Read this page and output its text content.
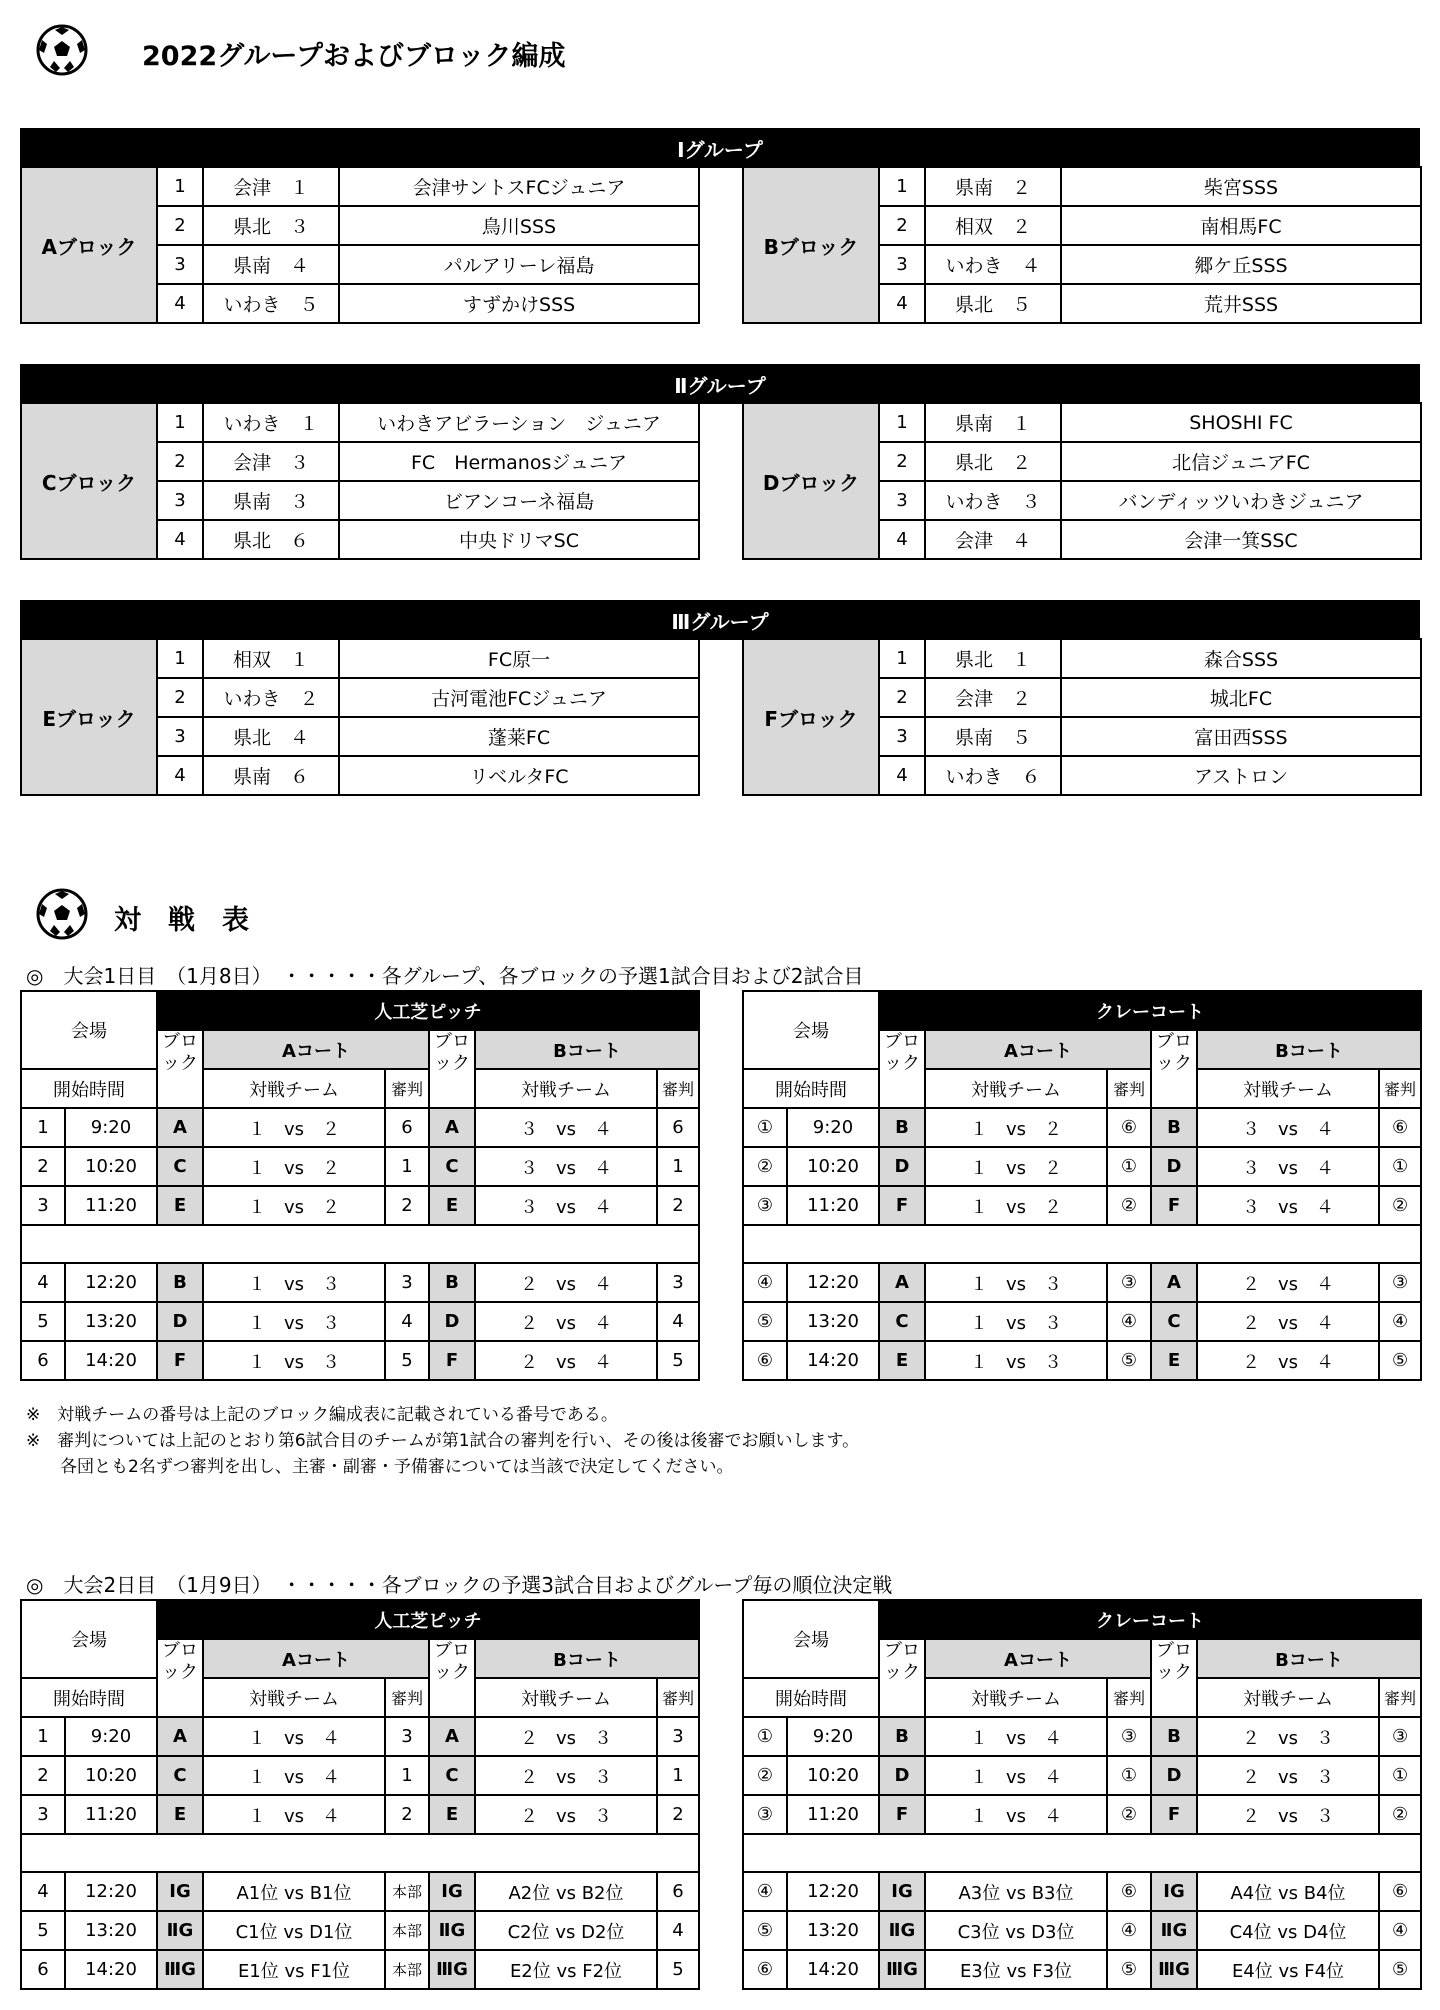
2022グループおよびブロック編成
Ⅰグループ
Aブロック	1	会津　１	会津サントスFCジュニア
	2	県北　３	鳥川SSS
	3	県南　４	パルアリーレ福島
	4	いわき　５	すずかけSSS
Bブロック	1	県南　２	柴宮SSS
	2	相双　２	南相馬FC
	3	いわき　４	郷ケ丘SSS
	4	県北　５	荒井SSS
Ⅱグループ
Cブロック	1	いわき　１	いわきアビラーション　ジュニア
	2	会津　３	FC　Hermanosジュニア
	3	県南　３	ビアンコーネ福島
	4	県北　６	中央ドリマSC
Dブロック	1	県南　１	SHOSHI FC
	2	県北　２	北信ジュニアFC
	3	いわき　３	バンディッツいわきジュニア
	4	会津　４	会津一箕SSC
Ⅲグループ
Eブロック	1	相双　１	FC原一
	2	いわき　２	古河電池FCジュニア
	3	県北　４	蓬莱FC
	4	県南　６	リベルタFC
Fブロック	1	県北　１	森合SSS
	2	会津　２	城北FC
	3	県南　５	富田西SSS
	4	いわき　６	アストロン
対　戦　表
◎　大会1日目　（1月8日）　・・・・・各グループ、各ブロックの予選1試合目および2試合目
会場		人工芝ピッチ					
		ブロ
ック	Aコート		ブロ
ック	Bコート	
開始時間			対戦チーム	審判		対戦チーム	審判
1	9:20	A	１　vs　２	6	A	３　vs　４	6
2	10:20	C	１　vs　２	1	C	３　vs　４	1
3	11:20	E	１　vs　２	2	E	３　vs　４	2

4	12:20	B	１　vs　３	3	B	２　vs　４	3
5	13:20	D	１　vs　３	4	D	２　vs　４	4
6	14:20	F	１　vs　３	5	F	２　vs　４	5
会場		クレーコート					
		ブロ
ック	Aコート		ブロ
ック	Bコート	
開始時間			対戦チーム	審判		対戦チーム	審判
①	9:20	B	１　vs　２	⑥	B	３　vs　４	⑥
②	10:20	D	１　vs　２	①	D	３　vs　４	①
③	11:20	F	１　vs　２	②	F	３　vs　４	②

④	12:20	A	１　vs　３	③	A	２　vs　４	③
⑤	13:20	C	１　vs　３	④	C	２　vs　４	④
⑥	14:20	E	１　vs　３	⑤	E	２　vs　４	⑤
※　対戦チームの番号は上記のブロック編成表に記載されている番号である。
※　審判については上記のとおり第6試合目のチームが第1試合の審判を行い、その後は後審でお願いします。
　　各団とも2名ずつ審判を出し、主審・副審・予備審については当該で決定してください。
◎　大会2日目　（1月9日）　・・・・・各ブロックの予選3試合目およびグループ毎の順位決定戦
会場		人工芝ピッチ					
		ブロ
ック	Aコート		ブロ
ック	Bコート	
開始時間			対戦チーム	審判		対戦チーム	審判
1	9:20	A	１　vs　４	3	A	２　vs　３	3
2	10:20	C	１　vs　４	1	C	２　vs　３	1
3	11:20	E	１　vs　４	2	E	２　vs　３	2

4	12:20	ⅠG	A1位 vs B1位	本部	ⅠG	A2位 vs B2位	6
5	13:20	ⅡG	C1位 vs D1位	本部	ⅡG	C2位 vs D2位	4
6	14:20	ⅢG	E1位 vs F1位	本部	ⅢG	E2位 vs F2位	5
会場		クレーコート					
		ブロ
ック	Aコート		ブロ
ック	Bコート	
開始時間			対戦チーム	審判		対戦チーム	審判
①	9:20	B	１　vs　４	③	B	２　vs　３	③
②	10:20	D	１　vs　４	①	D	２　vs　３	①
③	11:20	F	１　vs　４	②	F	２　vs　３	②

④	12:20	ⅠG	A3位 vs B3位	⑥	ⅠG	A4位 vs B4位	⑥
⑤	13:20	ⅡG	C3位 vs D3位	④	ⅡG	C4位 vs D4位	④
⑥	14:20	ⅢG	E3位 vs F3位	⑤	ⅢG	E4位 vs F4位	⑤
